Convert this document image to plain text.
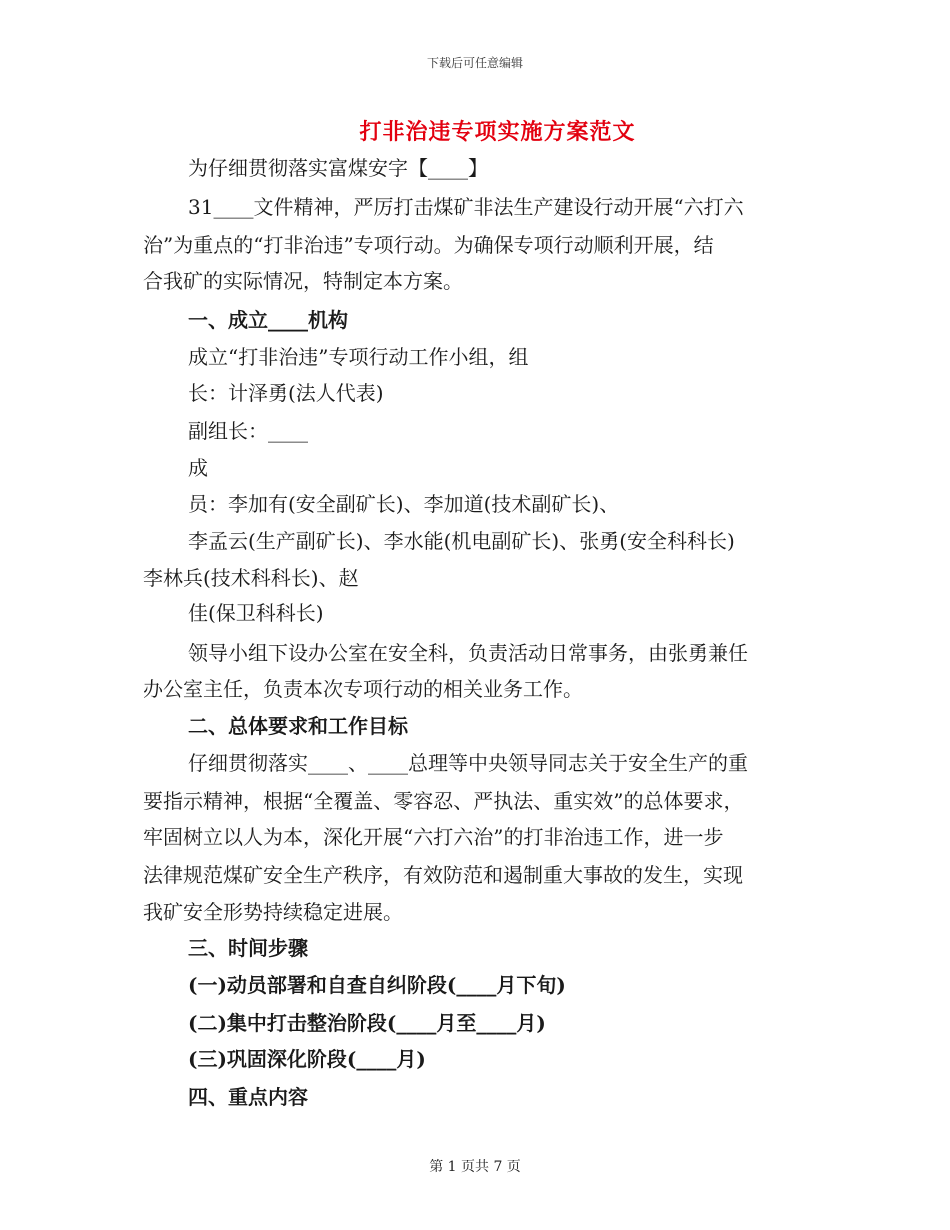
下载后可任意编辑
打非治违专项实施方案范文
为仔细贯彻落实富煤安字【____】
31____文件精神，严厉打击煤矿非法生产建设行动开展“六打六
治”为重点的“打非治违”专项行动。为确保专项行动顺利开展，结
合我矿的实际情况，特制定本方案。
一、成立____机构
成立“打非治违”专项行动工作小组，组
长：计泽勇(法人代表)
副组长：____
成
员：李加有(安全副矿长)、李加道(技术副矿长)、
李孟云(生产副矿长)、李水能(机电副矿长)、张勇(安全科科长)
李林兵(技术科科长)、赵
佳(保卫科科长)
领导小组下设办公室在安全科，负责活动日常事务，由张勇兼任
办公室主任，负责本次专项行动的相关业务工作。
二、总体要求和工作目标
仔细贯彻落实____、____总理等中央领导同志关于安全生产的重
要指示精神，根据“全覆盖、零容忍、严执法、重实效”的总体要求，
牢固树立以人为本，深化开展“六打六治”的打非治违工作，进一步
法律规范煤矿安全生产秩序，有效防范和遏制重大事故的发生，实现
我矿安全形势持续稳定进展。
三、时间步骤
(一)动员部署和自查自纠阶段(____月下旬)
(二)集中打击整治阶段(____月至____月)
(三)巩固深化阶段(____月)
四、重点内容
第 1 页共 7 页
